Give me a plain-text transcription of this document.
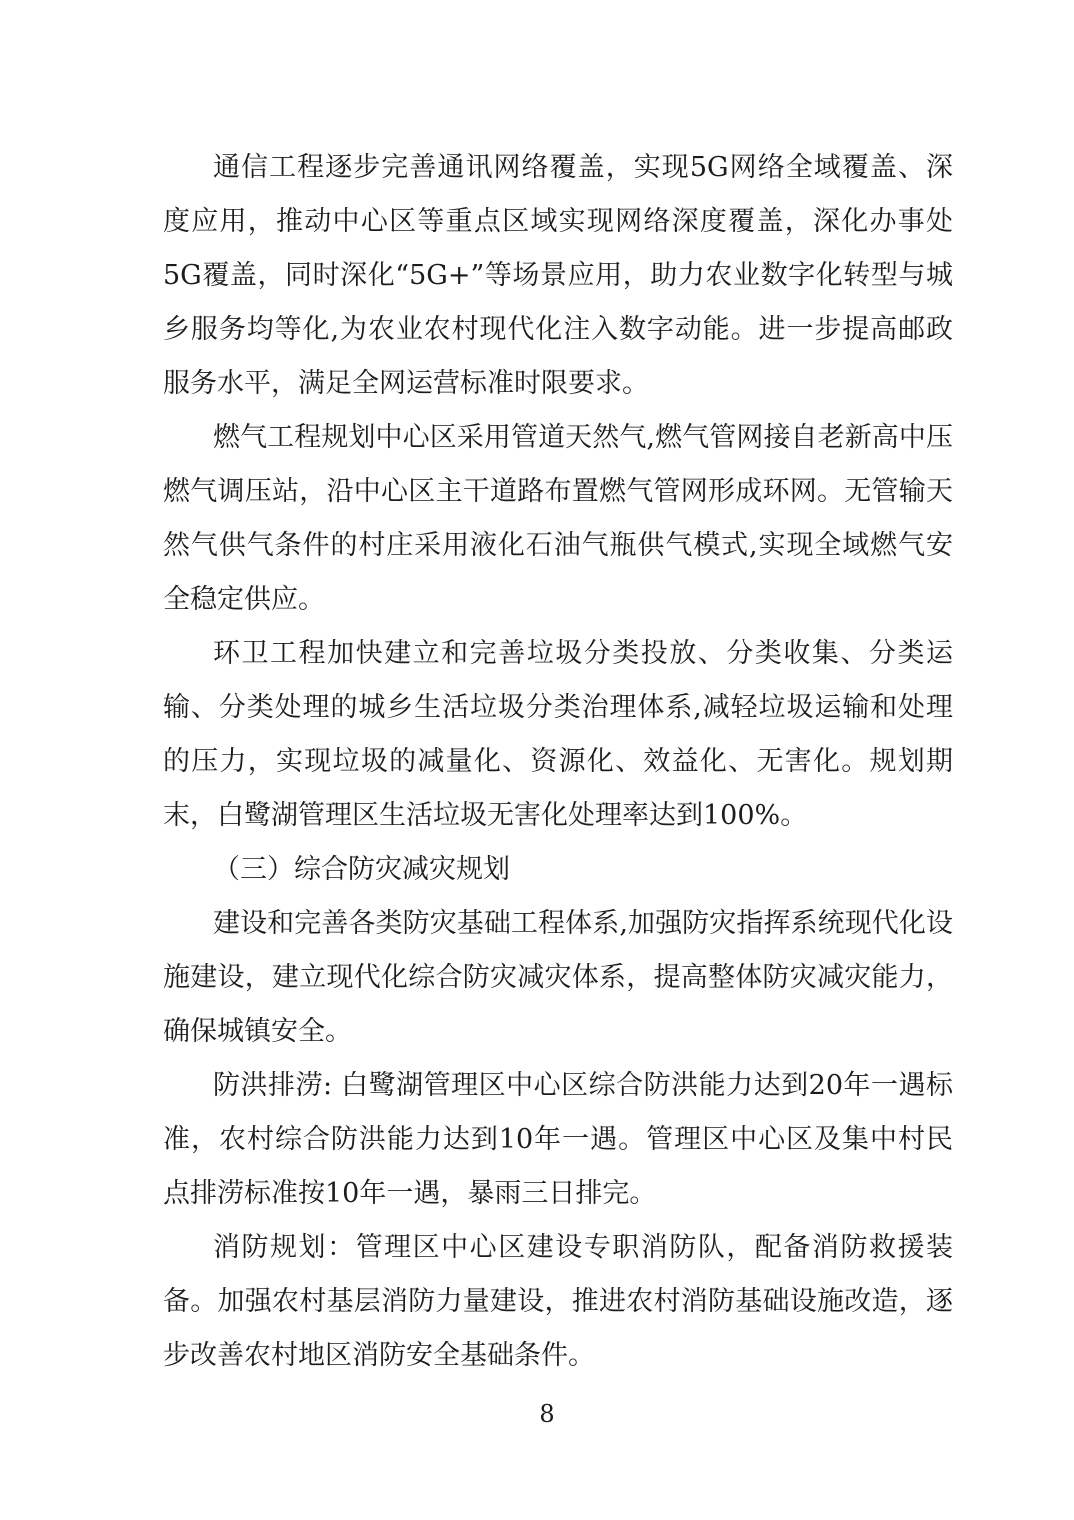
通信工程逐步完善通讯网络覆盖，实现5G网络全域覆盖、深度应用，推动中心区等重点区域实现网络深度覆盖，深化办事处5G覆盖，同时深化“5G+”等场景应用，助力农业数字化转型与城乡服务均等化,为农业农村现代化注入数字动能。进一步提高邮政服务水平，满足全网运营标准时限要求。

燃气工程规划中心区采用管道天然气,燃气管网接自老新高中压燃气调压站，沿中心区主干道路布置燃气管网形成环网。无管输天然气供气条件的村庄采用液化石油气瓶供气模式,实现全域燃气安全稳定供应。

环卫工程加快建立和完善垃圾分类投放、分类收集、分类运输、分类处理的城乡生活垃圾分类治理体系,减轻垃圾运输和处理的压力，实现垃圾的减量化、资源化、效益化、无害化。规划期末，白鹭湖管理区生活垃圾无害化处理率达到100%。

（三）综合防灾减灾规划

建设和完善各类防灾基础工程体系,加强防灾指挥系统现代化设施建设，建立现代化综合防灾减灾体系，提高整体防灾减灾能力，确保城镇安全。

防洪排涝: 白鹭湖管理区中心区综合防洪能力达到20年一遇标准，农村综合防洪能力达到10年一遇。管理区中心区及集中村民点排涝标准按10年一遇，暴雨三日排完。

消防规划：管理区中心区建设专职消防队，配备消防救援装备。加强农村基层消防力量建设，推进农村消防基础设施改造，逐步改善农村地区消防安全基础条件。

8
